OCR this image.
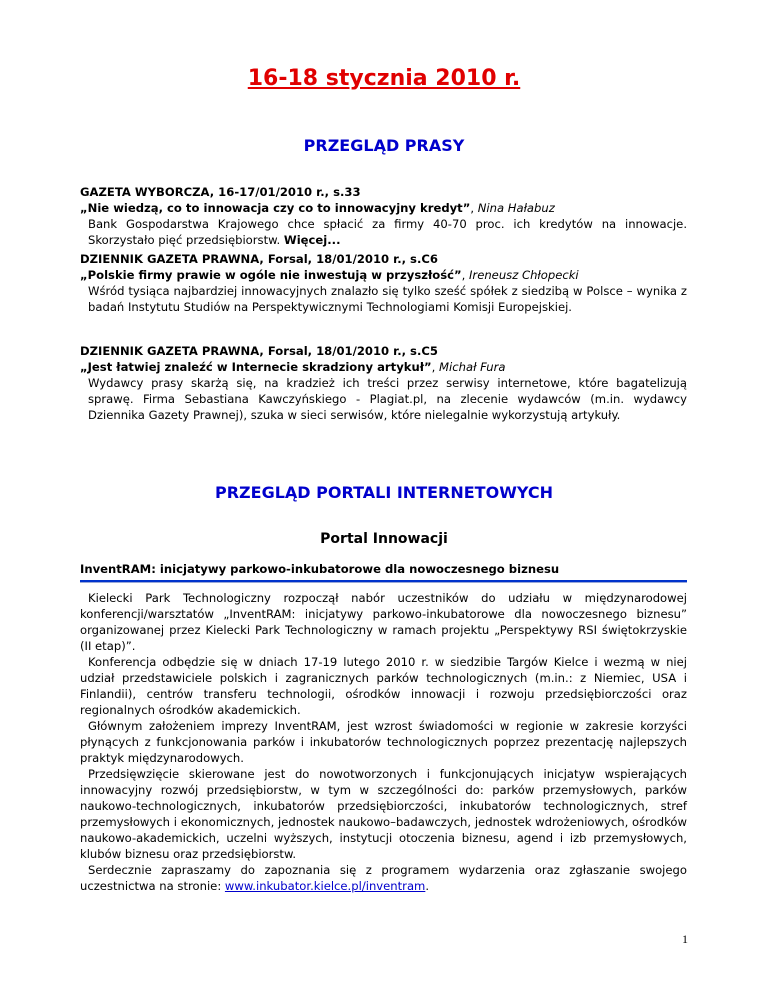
16-18 stycznia 2010 r.
PRZEGLĄD PRASY
GAZETA WYBORCZA, 16-17/01/2010 r., s.33
„Nie wiedzą, co to innowacja czy co to innowacyjny kredyt”, Nina Hałabuz
Bank Gospodarstwa Krajowego chce spłacić za firmy 40-70 proc. ich kredytów na innowacje. Skorzystało pięć przedsiębiorstw. Więcej...
DZIENNIK GAZETA PRAWNA, Forsal, 18/01/2010 r., s.C6
„Polskie firmy prawie w ogóle nie inwestują w przyszłość”, Ireneusz Chłopecki
Wśród tysiąca najbardziej innowacyjnych znalazło się tylko sześć spółek z siedzibą w Polsce – wynika z badań Instytutu Studiów na Perspektywicznymi Technologiami Komisji Europejskiej.
DZIENNIK GAZETA PRAWNA, Forsal, 18/01/2010 r., s.C5
„Jest łatwiej znaleźć w Internecie skradziony artykuł”, Michał Fura
Wydawcy prasy skarżą się, na kradzież ich treści przez serwisy internetowe, które bagatelizują sprawę. Firma Sebastiana Kawczyńskiego - Plagiat.pl, na zlecenie wydawców (m.in. wydawcy Dziennika Gazety Prawnej), szuka w sieci serwisów, które nielegalnie wykorzystują artykuły.
PRZEGLĄD PORTALI INTERNETOWYCH
Portal Innowacji
InventRAM: inicjatywy parkowo-inkubatorowe dla nowoczesnego biznesu

Kielecki Park Technologiczny rozpoczął nabór uczestników do udziału w międzynarodowej konferencji/warsztatów „InventRAM: inicjatywy parkowo-inkubatorowe dla nowoczesnego biznesu” organizowanej przez Kielecki Park Technologiczny w ramach projektu „Perspektywy RSI świętokrzyskie (II etap)”.

Konferencja odbędzie się w dniach 17-19 lutego 2010 r. w siedzibie Targów Kielce i wezmą w niej udział przedstawiciele polskich i zagranicznych parków technologicznych (m.in.: z Niemiec, USA i Finlandii), centrów transferu technologii, ośrodków innowacji i rozwoju przedsiębiorczości oraz regionalnych ośrodków akademickich.

Głównym założeniem imprezy InventRAM, jest wzrost świadomości w regionie w zakresie korzyści płynących z funkcjonowania parków i inkubatorów technologicznych poprzez prezentację najlepszych praktyk międzynarodowych.

Przedsięwzięcie skierowane jest do nowotworzonych i funkcjonujących inicjatyw wspierających innowacyjny rozwój przedsiębiorstw, w tym w szczególności do: parków przemysłowych, parków naukowo-technologicznych, inkubatorów przedsiębiorczości, inkubatorów technologicznych, stref przemysłowych i ekonomicznych, jednostek naukowo–badawczych, jednostek wdrożeniowych, ośrodków naukowo-akademickich, uczelni wyższych, instytucji otoczenia biznesu, agend i izb przemysłowych, klubów biznesu oraz przedsiębiorstw.

Serdecznie zapraszamy do zapoznania się z programem wydarzenia oraz zgłaszanie swojego uczestnictwa na stronie: www.inkubator.kielce.pl/inventram.

1
